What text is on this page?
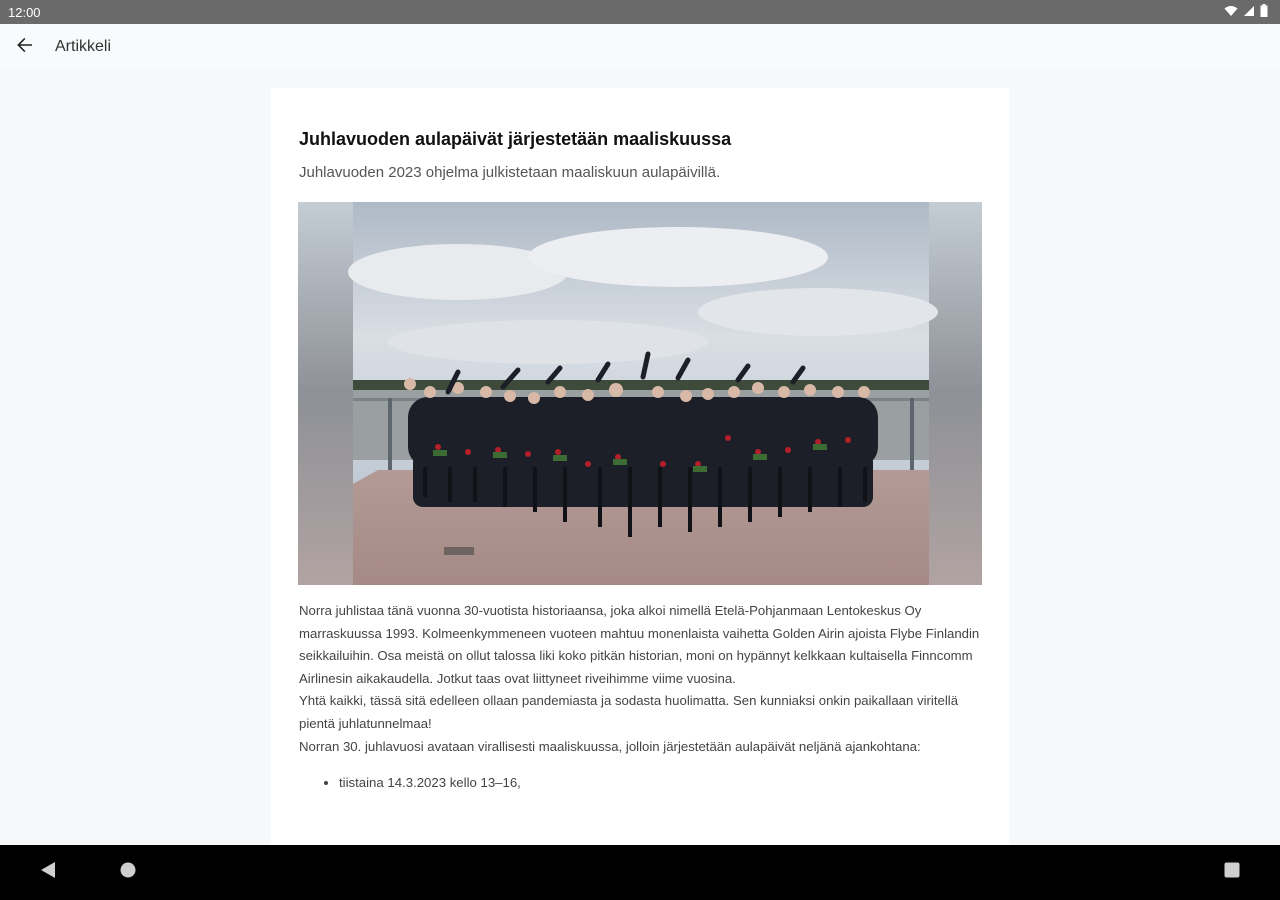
12:00
Artikkeli
Juhlavuoden aulapäivät järjestetään maaliskuussa

Juhlavuoden 2023 ohjelma julkistetaan maaliskuun aulapäivillä.

Norra juhlistaa tänä vuonna 30-vuotista historiaansa, joka alkoi nimellä Etelä-Pohjanmaan Lentokeskus Oy marraskuussa 1993. Kolmeenkymmeneen vuoteen mahtuu monenlaista vaihetta Golden Airin ajoista Flybe Finlandin seikkailuihin. Osa meistä on ollut talossa liki koko pitkän historian, moni on hypännyt kelkkaan kultaisella Finncomm Airlinesin aikakaudella. Jotkut taas ovat liittyneet riveihimme viime vuosina.

Yhtä kaikki, tässä sitä edelleen ollaan pandemiasta ja sodasta huolimatta. Sen kunniaksi onkin paikallaan viritellä pientä juhlatunnelmaa!

Norran 30. juhlavuosi avataan virallisesti maaliskuussa, jolloin järjestetään aulapäivät neljänä ajankohtana:

• tiistaina 14.3.2023 kello 13–16,
